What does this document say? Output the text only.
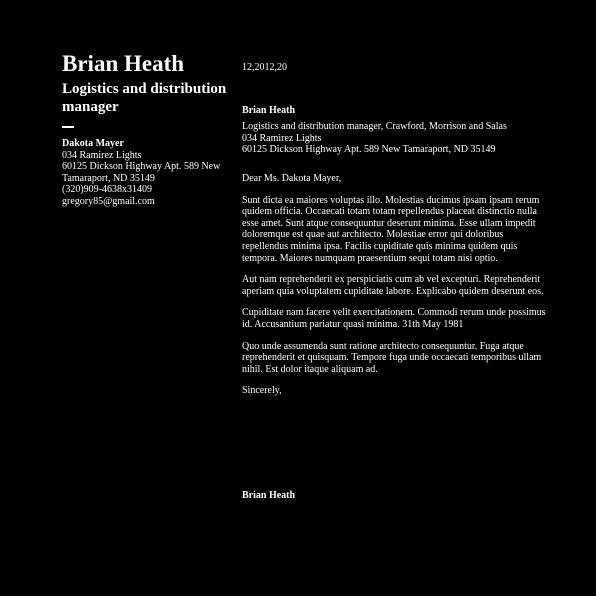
Brian Heath
Logistics and distribution manager
Dakota Mayer
034 Ramirez Lights
60125 Dickson Highway Apt. 589 New Tamaraport, ND 35149
(320)909-4638x31409
gregory85@gmail.com
12,2012,20
Brian Heath
Logistics and distribution manager, Crawford, Morrison and Salas
034 Ramirez Lights
60125 Dickson Highway Apt. 589 New Tamaraport, ND 35149
Dear Ms. Dakota Mayer,
Sunt dicta ea maiores voluptas illo. Molestias ducimus ipsam ipsam rerum quidem officia. Occaecati totam totam repellendus placeat distinctio nulla esse amet. Sunt atque consequuntur deserunt minima. Esse ullam impedit doloremque est quae aut architecto. Molestiae error qui doloribus repellendus minima ipsa. Facilis cupiditate quis minima quidem quis tempora. Maiores numquam praesentium sequi totam nisi optio.
Aut nam reprehenderit ex perspiciatis cum ab vel excepturi. Reprehenderit aperiam quia voluptatem cupiditate labore. Explicabo quidem deserunt eos.
Cupiditate nam facere velit exercitationem. Commodi rerum unde possimus id. Accusantium pariatur quasi minima. 31th May 1981
Quo unde assumenda sunt ratione architecto consequuntur. Fuga atque reprehenderit et quisquam. Tempore fuga unde occaecati temporibus ullam nihil. Est dolor itaque aliquam ad.
Sincerely,
Brian Heath
